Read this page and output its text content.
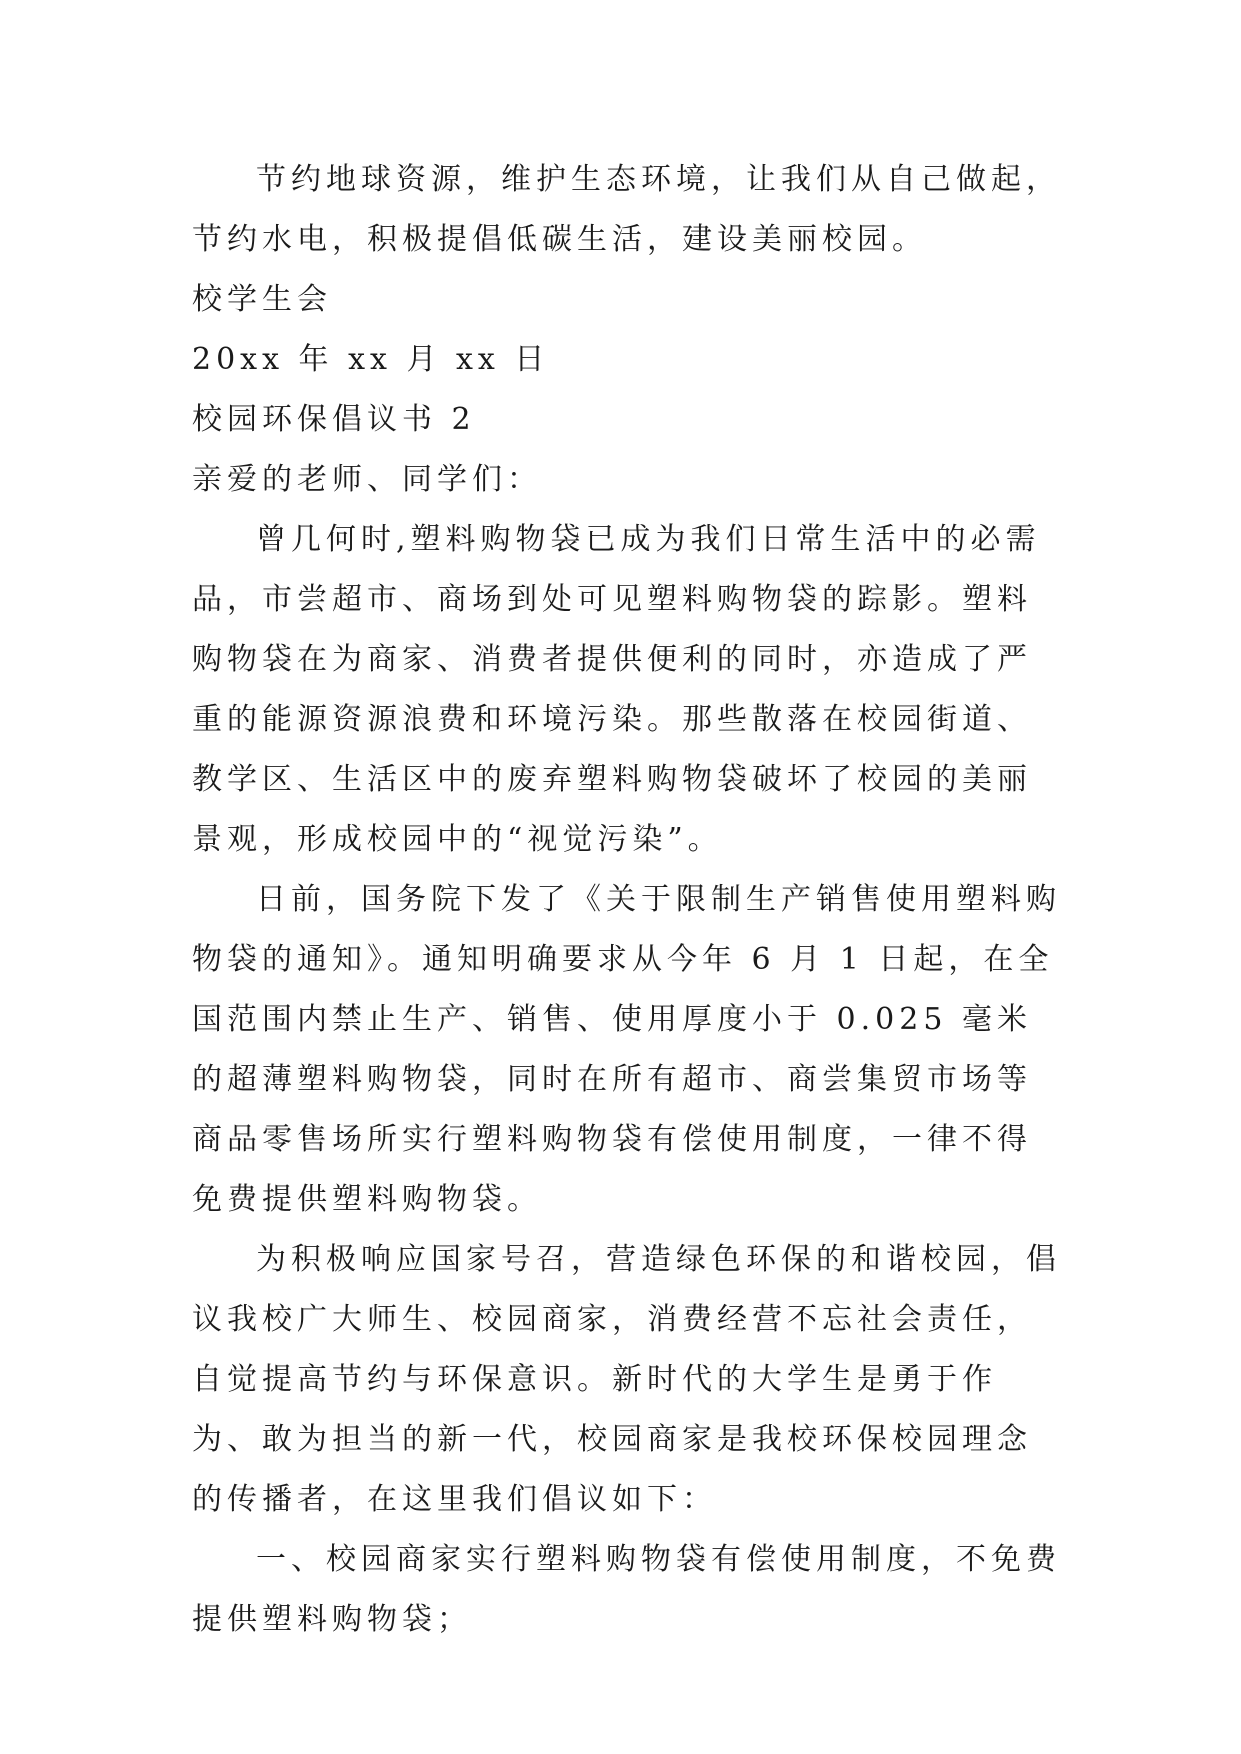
节约地球资源，维护生态环境，让我们从自己做起，节约水电，积极提倡低碳生活，建设美丽校园。

校学生会

20xx 年 xx 月 xx 日

校园环保倡议书 2

亲爱的老师、同学们：

曾几何时,塑料购物袋已成为我们日常生活中的必需品，市尝超市、商场到处可见塑料购物袋的踪影。塑料购物袋在为商家、消费者提供便利的同时，亦造成了严重的能源资源浪费和环境污染。那些散落在校园街道、教学区、生活区中的废弃塑料购物袋破坏了校园的美丽景观，形成校园中的“视觉污染”。

日前，国务院下发了《关于限制生产销售使用塑料购物袋的通知》。通知明确要求从今年 6 月 1 日起，在全国范围内禁止生产、销售、使用厚度小于 0.025 毫米的超薄塑料购物袋，同时在所有超市、商尝集贸市场等商品零售场所实行塑料购物袋有偿使用制度，一律不得免费提供塑料购物袋。

为积极响应国家号召，营造绿色环保的和谐校园，倡议我校广大师生、校园商家，消费经营不忘社会责任，自觉提高节约与环保意识。新时代的大学生是勇于作为、敢为担当的新一代，校园商家是我校环保校园理念的传播者，在这里我们倡议如下：

一、校园商家实行塑料购物袋有偿使用制度，不免费提供塑料购物袋；
